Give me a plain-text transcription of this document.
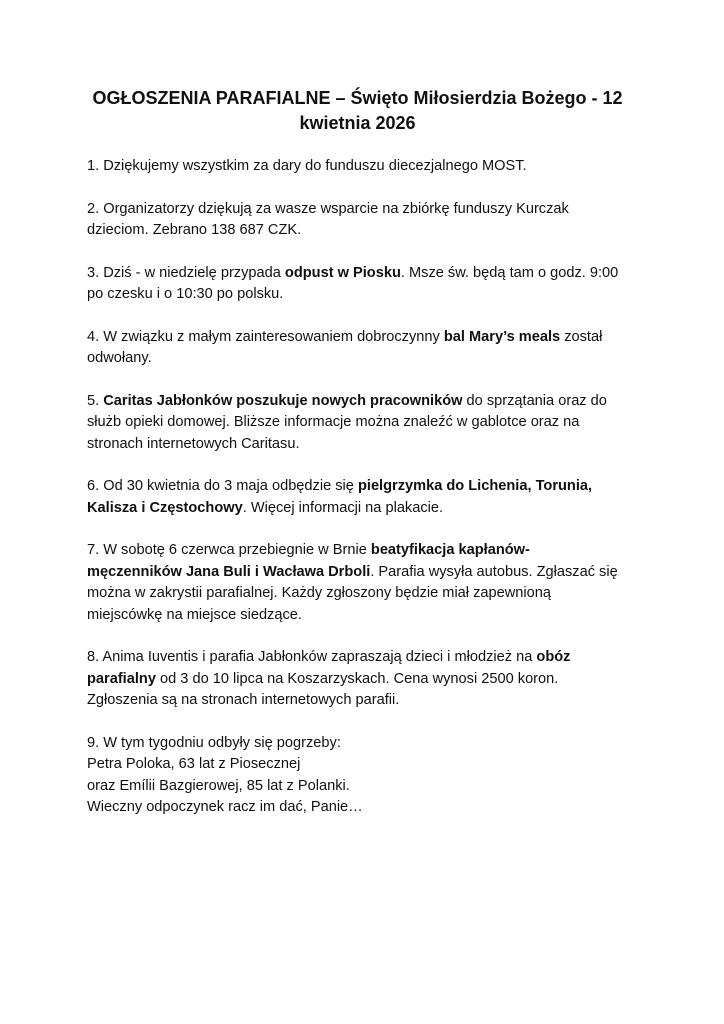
OGŁOSZENIA PARAFIALNE – Święto Miłosierdzia Bożego - 12
kwietnia 2026
1. Dziękujemy wszystkim za dary do funduszu diecezjalnego MOST.
2. Organizatorzy dziękują za wasze wsparcie na zbiórkę funduszy Kurczak
dzieciom. Zebrano 138 687 CZK.
3. Dziś - w niedzielę przypada odpust w Piosku. Msze św. będą tam o godz. 9:00
po czesku i o 10:30 po polsku.
4. W związku z małym zainteresowaniem dobroczynny bal Mary’s meals został
odwołany.
5. Caritas Jabłonków poszukuje nowych pracowników do sprzątania oraz do
służb opieki domowej. Bliższe informacje można znaleźć w gablotce oraz na
stronach internetowych Caritasu.
6. Od 30 kwietnia do 3 maja odbędzie się pielgrzymka do Lichenia, Torunia,
Kalisza i Częstochowy. Więcej informacji na plakacie.
7. W sobotę 6 czerwca przebiegnie w Brnie beatyfikacja kapłanów-
męczenników Jana Buli i Wacława Drboli. Parafia wysyła autobus. Zgłaszać się
można w zakrystii parafialnej. Każdy zgłoszony będzie miał zapewnioną
miejscówkę na miejsce siedzące.
8. Anima Iuventis i parafia Jabłonków zapraszają dzieci i młodzież na obóz
parafialny od 3 do 10 lipca na Koszarzyskach. Cena wynosi 2500 koron.
Zgłoszenia są na stronach internetowych parafii.
9. W tym tygodniu odbyły się pogrzeby:
Petra Poloka, 63 lat z Piosecznej
oraz Emílii Bazgierowej, 85 lat z Polanki.
Wieczny odpoczynek racz im dać, Panie…
